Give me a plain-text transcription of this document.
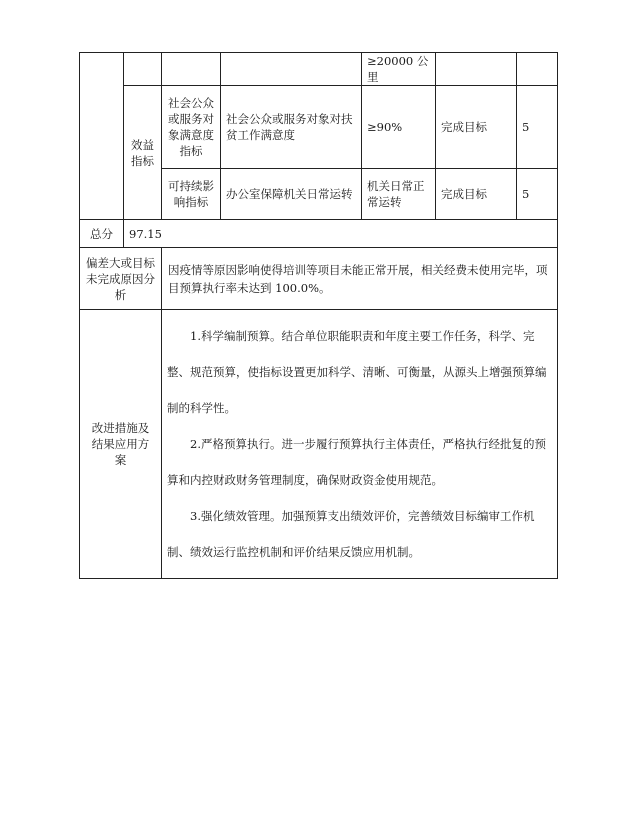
				≥20000 公里		
	效益指标	社会公众或服务对象满意度指标	社会公众或服务对象对扶贫工作满意度	≥90%	完成目标	5
		可持续影响指标	办公室保障机关日常运转	机关日常正常运转	完成目标	5
总分	97.15					
偏差大或目标未完成原因分析		因疫情等原因影响使得培训等项目未能正常开展，相关经费未使用完毕，项目预算执行率未达到 100.0%。				
改进措施及结果应用方案		1.科学编制预算。结合单位职能职责和年度主要工作任务，科学、完整、规范预算，使指标设置更加科学、清晰、可衡量，从源头上增强预算编制的科学性。

2.严格预算执行。进一步履行预算执行主体责任，严格执行经批复的预算和内控财政财务管理制度，确保财政资金使用规范。

3.强化绩效管理。加强预算支出绩效评价，完善绩效目标编审工作机制、绩效运行监控机制和评价结果反馈应用机制。				
